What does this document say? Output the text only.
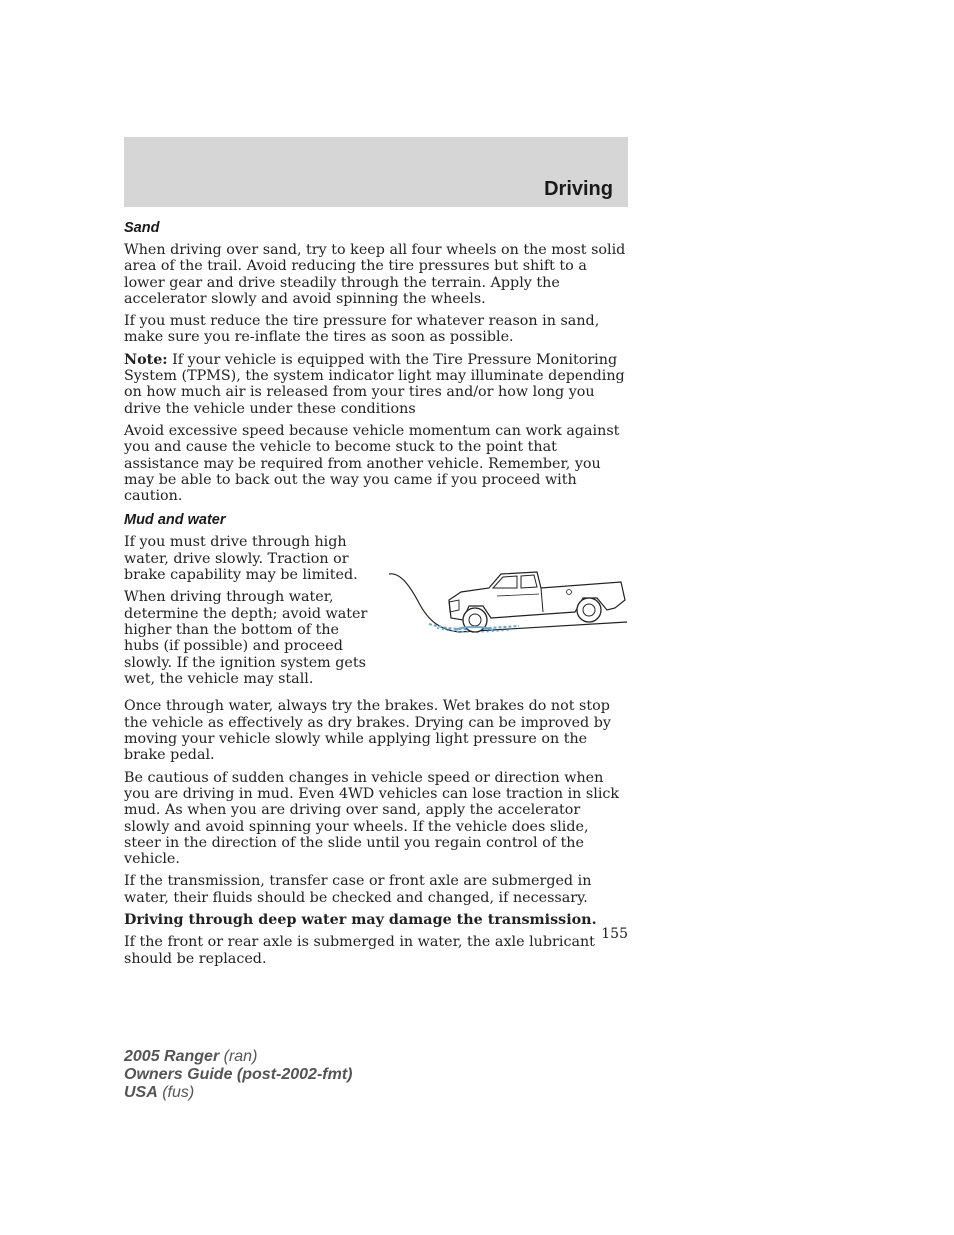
Driving
Sand

When driving over sand, try to keep all four wheels on the most solid area of the trail. Avoid reducing the tire pressures but shift to a lower gear and drive steadily through the terrain. Apply the accelerator slowly and avoid spinning the wheels.

If you must reduce the tire pressure for whatever reason in sand, make sure you re-inflate the tires as soon as possible.

Note: If your vehicle is equipped with the Tire Pressure Monitoring System (TPMS), the system indicator light may illuminate depending on how much air is released from your tires and/or how long you drive the vehicle under these conditions

Avoid excessive speed because vehicle momentum can work against you and cause the vehicle to become stuck to the point that assistance may be required from another vehicle. Remember, you may be able to back out the way you came if you proceed with caution.

Mud and water

If you must drive through high water, drive slowly. Traction or brake capability may be limited.

When driving through water, determine the depth; avoid water higher than the bottom of the hubs (if possible) and proceed slowly. If the ignition system gets wet, the vehicle may stall.

Once through water, always try the brakes. Wet brakes do not stop the vehicle as effectively as dry brakes. Drying can be improved by moving your vehicle slowly while applying light pressure on the brake pedal.

Be cautious of sudden changes in vehicle speed or direction when you are driving in mud. Even 4WD vehicles can lose traction in slick mud. As when you are driving over sand, apply the accelerator slowly and avoid spinning your wheels. If the vehicle does slide, steer in the direction of the slide until you regain control of the vehicle.

If the transmission, transfer case or front axle are submerged in water, their fluids should be checked and changed, if necessary.

Driving through deep water may damage the transmission.

If the front or rear axle is submerged in water, the axle lubricant should be replaced.

155
2005 Ranger (ran)
Owners Guide (post-2002-fmt)
USA (fus)
